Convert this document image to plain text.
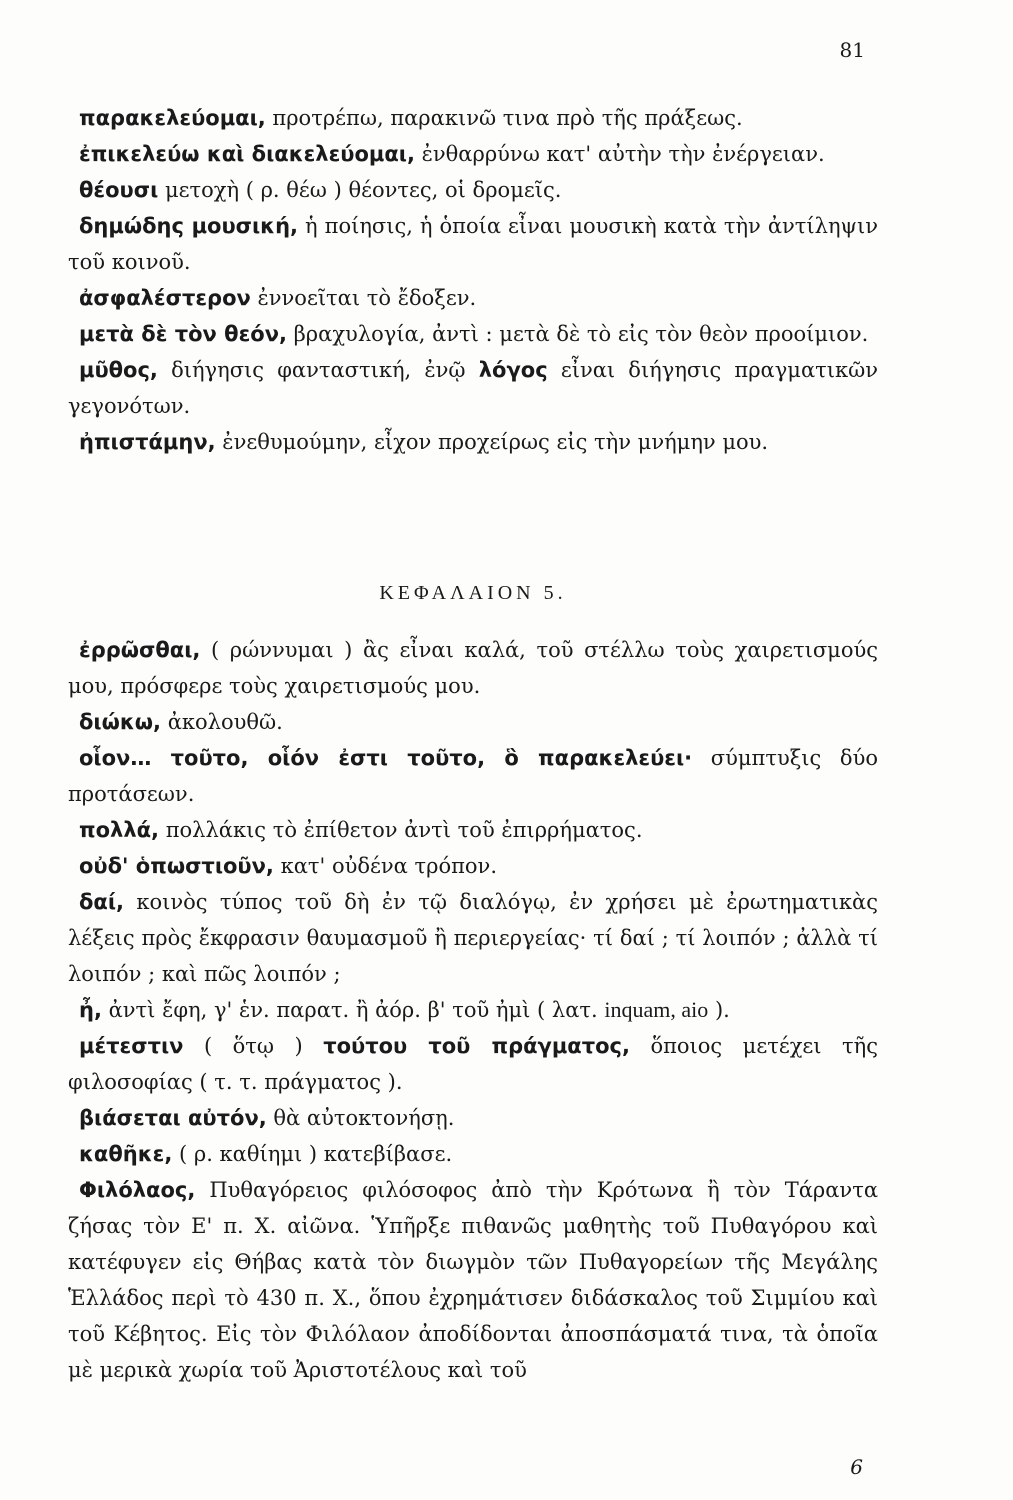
81

παρακελεύομαι, προτρέπω, παρακινῶ τινα πρὸ τῆς πράξεως.

ἐπικελεύω καὶ διακελεύομαι, ἐνθαρρύνω κατ' αὐτὴν τὴν ἐνέργειαν.

θέουσι μετοχὴ ( ρ. θέω ) θέοντες, οἱ δρομεῖς.

δημώδης μουσική, ἡ ποίησις, ἡ ὁποία εἶναι μουσικὴ κατὰ τὴν ἀντίληψιν τοῦ κοινοῦ.

ἀσφαλέστερον ἐννοεῖται τὸ ἔδοξεν.

μετὰ δὲ τὸν θεόν, βραχυλογία, ἀντὶ : μετὰ δὲ τὸ εἰς τὸν θεὸν προοίμιον.

μῦθος, διήγησις φανταστική, ἐνῷ λόγος εἶναι διήγησις πραγματικῶν γεγονότων.

ἠπιστάμην, ἐνεθυμούμην, εἶχον προχείρως εἰς τὴν μνήμην μου.

ΚΕΦΑΛΑΙΟΝ 5.

ἐρρῶσθαι, ( ρώννυμαι ) ἂς εἶναι καλά, τοῦ στέλλω τοὺς χαιρετισμούς μου, πρόσφερε τοὺς χαιρετισμούς μου.

διώκω, ἀκολουθῶ.

οἷον… τοῦτο, οἷόν ἐστι τοῦτο, ὃ παρακελεύει· σύμπτυξις δύο προτάσεων.

πολλά, πολλάκις τὸ ἐπίθετον ἀντὶ τοῦ ἐπιρρήματος.

οὐδ' ὁπωστιοῦν, κατ' οὐδένα τρόπον.

δαί, κοινὸς τύπος τοῦ δὴ ἐν τῷ διαλόγῳ, ἐν χρήσει μὲ ἐρωτηματικὰς λέξεις πρὸς ἔκφρασιν θαυμασμοῦ ἢ περιεργείας· τί δαί ; τί λοιπόν ; ἀλλὰ τί λοιπόν ; καὶ πῶς λοιπόν ;

ἦ, ἀντὶ ἔφη, γ' ἑν. παρατ. ἢ ἀόρ. β' τοῦ ἠμὶ ( λατ. inquam, aio ).

μέτεστιν ( ὅτῳ ) τούτου τοῦ πράγματος, ὅποιος μετέχει τῆς φιλοσοφίας ( τ. τ. πράγματος ).

βιάσεται αὐτόν, θὰ αὐτοκτονήσῃ.

καθῆκε, ( ρ. καθίημι ) κατεβίβασε.

Φιλόλαος, Πυθαγόρειος φιλόσοφος ἀπὸ τὴν Κρότωνα ἢ τὸν Τάραντα ζήσας τὸν Ε' π. Χ. αἰῶνα. Ὑπῆρξε πιθανῶς μαθητὴς τοῦ Πυθαγόρου καὶ κατέφυγεν εἰς Θήβας κατὰ τὸν διωγμὸν τῶν Πυθαγορείων τῆς Μεγάλης Ἑλλάδος περὶ τὸ 430 π. Χ., ὅπου ἐχρημάτισεν διδάσκαλος τοῦ Σιμμίου καὶ τοῦ Κέβητος. Εἰς τὸν Φιλόλαον ἀποδίδονται ἀποσπάσματά τινα, τὰ ὁποῖα μὲ μερικὰ χωρία τοῦ Ἀριστοτέλους καὶ τοῦ

6
